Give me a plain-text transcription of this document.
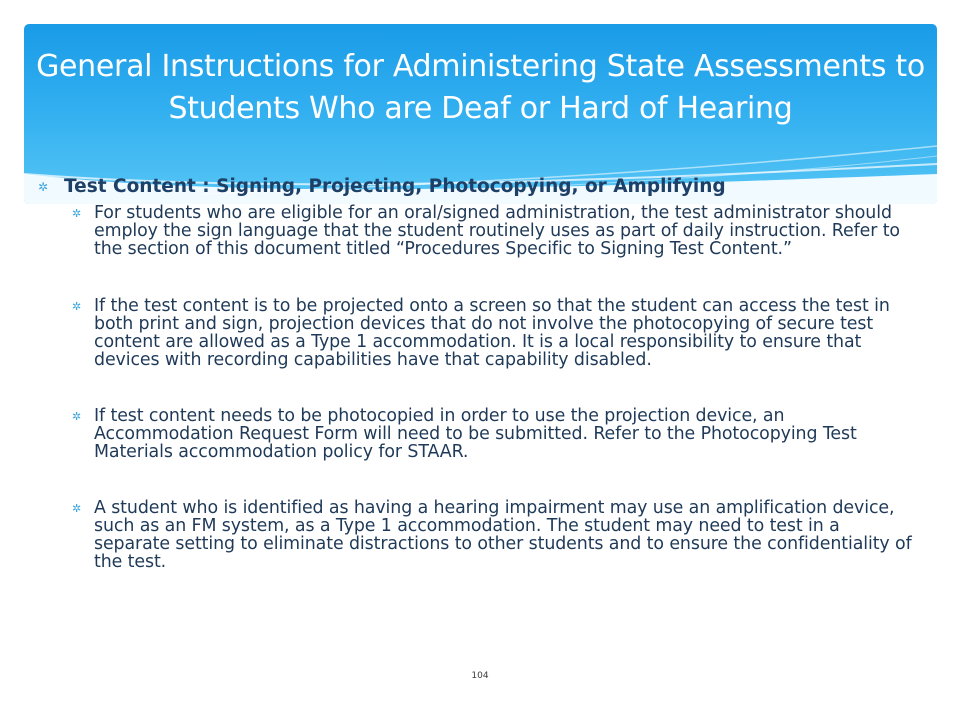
General Instructions for Administering State Assessments to
Students Who are Deaf or Hard of Hearing
✲ Test Content : Signing, Projecting, Photocopying, or Amplifying
✲ For students who are eligible for an oral/signed administration, the test administrator should employ the sign language that the student routinely uses as part of daily instruction. Refer to the section of this document titled “Procedures Specific to Signing Test Content.”
✲ If the test content is to be projected onto a screen so that the student can access the test in both print and sign, projection devices that do not involve the photocopying of secure test content are allowed as a Type 1 accommodation. It is a local responsibility to ensure that devices with recording capabilities have that capability disabled.
✲ If test content needs to be photocopied in order to use the projection device, an Accommodation Request Form will need to be submitted. Refer to the Photocopying Test Materials accommodation policy for STAAR.
✲ A student who is identified as having a hearing impairment may use an amplification device, such as an FM system, as a Type 1 accommodation. The student may need to test in a separate setting to eliminate distractions to other students and to ensure the confidentiality of the test.
104
